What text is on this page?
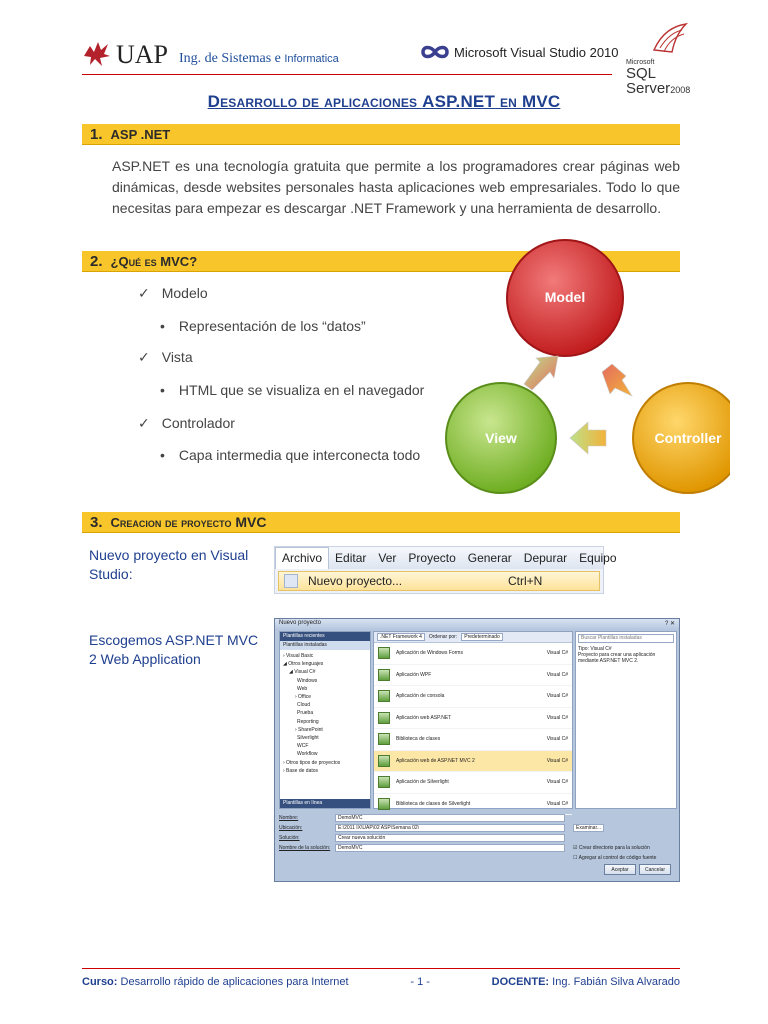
UAP Ing. de Sistemas e Informatica	Microsoft Visual Studio 2010
Microsoft
SQL Server2008
Desarrollo de aplicaciones ASP.NET en MVC
1. ASP .NET
ASP.NET es una tecnología gratuita que permite a los programadores crear páginas web dinámicas, desde websites personales hasta aplicaciones web empresariales. Todo lo que necesitas para empezar es descargar .NET Framework y una herramienta de desarrollo.
2. ¿Qué es MVC?
✓ Modelo
• Representación de los “datos”
✓ Vista
• HTML que se visualiza en el navegador
✓ Controlador
• Capa intermedia que interconecta todo
Model
View	Controller
3. Creacion de proyecto MVC
Nuevo proyecto en Visual Studio:
Escogemos ASP.NET MVC 2 Web Application
Archivo	Editar	Ver	Proyecto	Generar	Depurar	Equipo
Nuevo proyecto...	Ctrl+N
Nuevo proyecto	? ✕
Plantillas recientes
Plantillas instaladas
› Visual Basic
◢ Otros lenguajes
◢ Visual C#
Windows
Web
› Office
Cloud
Prueba
Reporting
› SharePoint
Silverlight
WCF
Workflow
› Otros tipos de proyectos
› Base de datos
Plantillas en línea
.NET Framework 4	Ordenar por:	Predeterminado
Aplicación de Windows Forms	Visual C#
Aplicación WPF	Visual C#
Aplicación de consola	Visual C#
Aplicación web ASP.NET	Visual C#
Biblioteca de clases	Visual C#
Aplicación web de ASP.NET MVC 2	Visual C#
Aplicación de Silverlight	Visual C#
Biblioteca de clases de Silverlight	Visual C#
Buscar Plantillas instaladas
Tipo: Visual C#
Proyecto para crear una aplicación mediante ASP.NET MVC 2.
Nombre:	DemoMVC
Ubicación:	E:\2011 IX\UAP\02 ASP\Semana 02\	Examinar...
Solución:	Crear nueva solución
Nombre de la solución:	DemoMVC	☑ Crear directorio para la solución
☐ Agregar al control de código fuente
Aceptar	Cancelar
Curso: Desarrollo rápido de aplicaciones para Internet	- 1 -	DOCENTE: Ing. Fabián Silva Alvarado
